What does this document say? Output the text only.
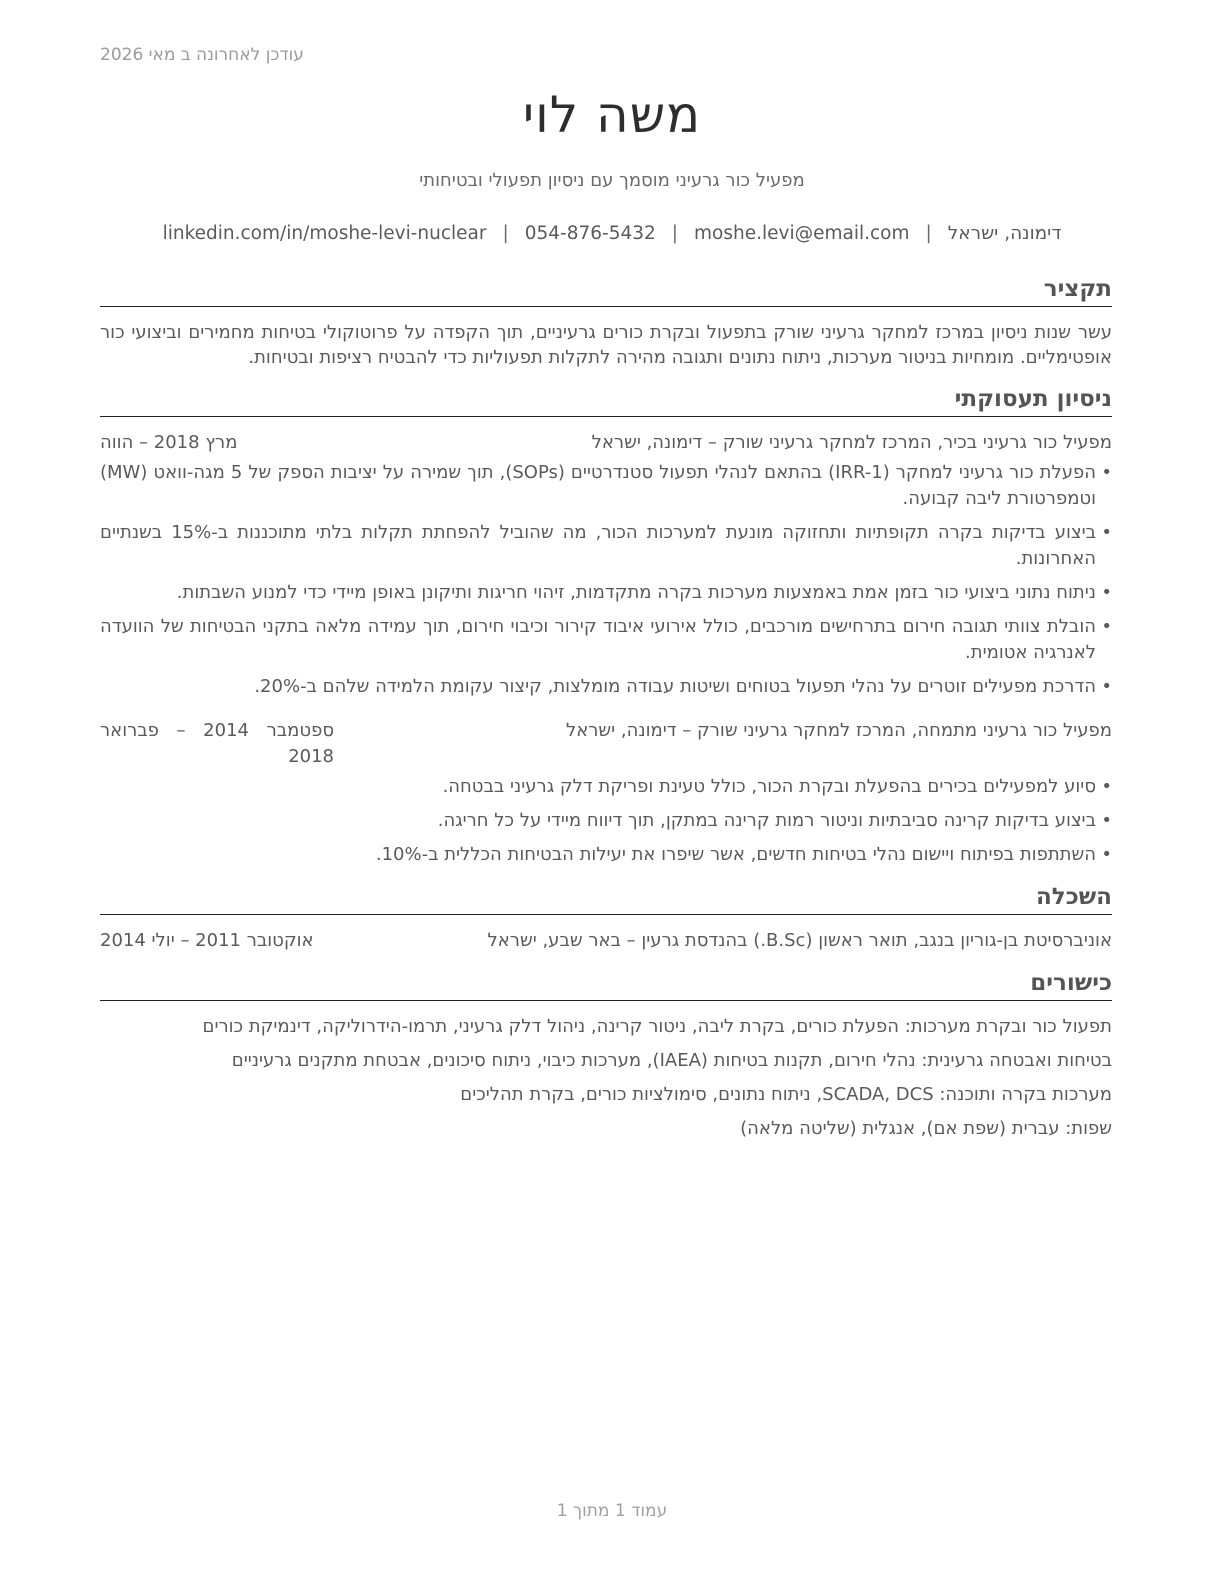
עודכן לאחרונה ב מאי 2026
משה לוי
מפעיל כור גרעיני מוסמך עם ניסיון תפעולי ובטיחותי
דימונה, ישראל|moshe.levi@email.com|054-876-5432|linkedin.com/in/moshe-levi-nuclear
תקציר

עשר שנות ניסיון במרכז למחקר גרעיני שורק בתפעול ובקרת כורים גרעיניים, תוך הקפדה על פרוטוקולי בטיחות מחמירים וביצועי כור אופטימליים. מומחיות בניטור מערכות, ניתוח נתונים ותגובה מהירה לתקלות תפעוליות כדי להבטיח רציפות ובטיחות.

ניסיון תעסוקתי
מפעיל כור גרעיני בכיר, המרכז למחקר גרעיני שורק – דימונה, ישראל
מרץ 2018 – הווה
•
הפעלת כור גרעיני למחקר (IRR-1) בהתאם לנהלי תפעול סטנדרטיים (SOPs), תוך שמירה על יציבות הספק של 5 מגה-וואט (MW) וטמפרטורת ליבה קבועה.
•
ביצוע בדיקות בקרה תקופתיות ותחזוקה מונעת למערכות הכור, מה שהוביל להפחתת תקלות בלתי מתוכננות ב-15% בשנתיים האחרונות.
•
ניתוח נתוני ביצועי כור בזמן אמת באמצעות מערכות בקרה מתקדמות, זיהוי חריגות ותיקונן באופן מיידי כדי למנוע השבתות.
•
הובלת צוותי תגובה חירום בתרחישים מורכבים, כולל אירועי איבוד קירור וכיבוי חירום, תוך עמידה מלאה בתקני הבטיחות של הוועדה לאנרגיה אטומית.
•
הדרכת מפעילים זוטרים על נהלי תפעול בטוחים ושיטות עבודה מומלצות, קיצור עקומת הלמידה שלהם ב-20%.
מפעיל כור גרעיני מתמחה, המרכז למחקר גרעיני שורק – דימונה, ישראל
ספטמבר 2014 – פברואר 2018
•
סיוע למפעילים בכירים בהפעלת ובקרת הכור, כולל טעינת ופריקת דלק גרעיני בבטחה.
•
ביצוע בדיקות קרינה סביבתיות וניטור רמות קרינה במתקן, תוך דיווח מיידי על כל חריגה.
•
השתתפות בפיתוח ויישום נהלי בטיחות חדשים, אשר שיפרו את יעילות הבטיחות הכללית ב-10%.
השכלה
אוניברסיטת בן-גוריון בנגב, תואר ראשון (B.Sc.) בהנדסת גרעין – באר שבע, ישראל
אוקטובר 2011 – יולי 2014
כישורים

תפעול כור ובקרת מערכות: הפעלת כורים, בקרת ליבה, ניטור קרינה, ניהול דלק גרעיני, תרמו-הידרוליקה, דינמיקת כורים

בטיחות ואבטחה גרעינית: נהלי חירום, תקנות בטיחות (IAEA), מערכות כיבוי, ניתוח סיכונים, אבטחת מתקנים גרעיניים

מערכות בקרה ותוכנה: SCADA, DCS, ניתוח נתונים, סימולציות כורים, בקרת תהליכים

שפות: עברית (שפת אם), אנגלית (שליטה מלאה)

עמוד 1 מתוך 1
